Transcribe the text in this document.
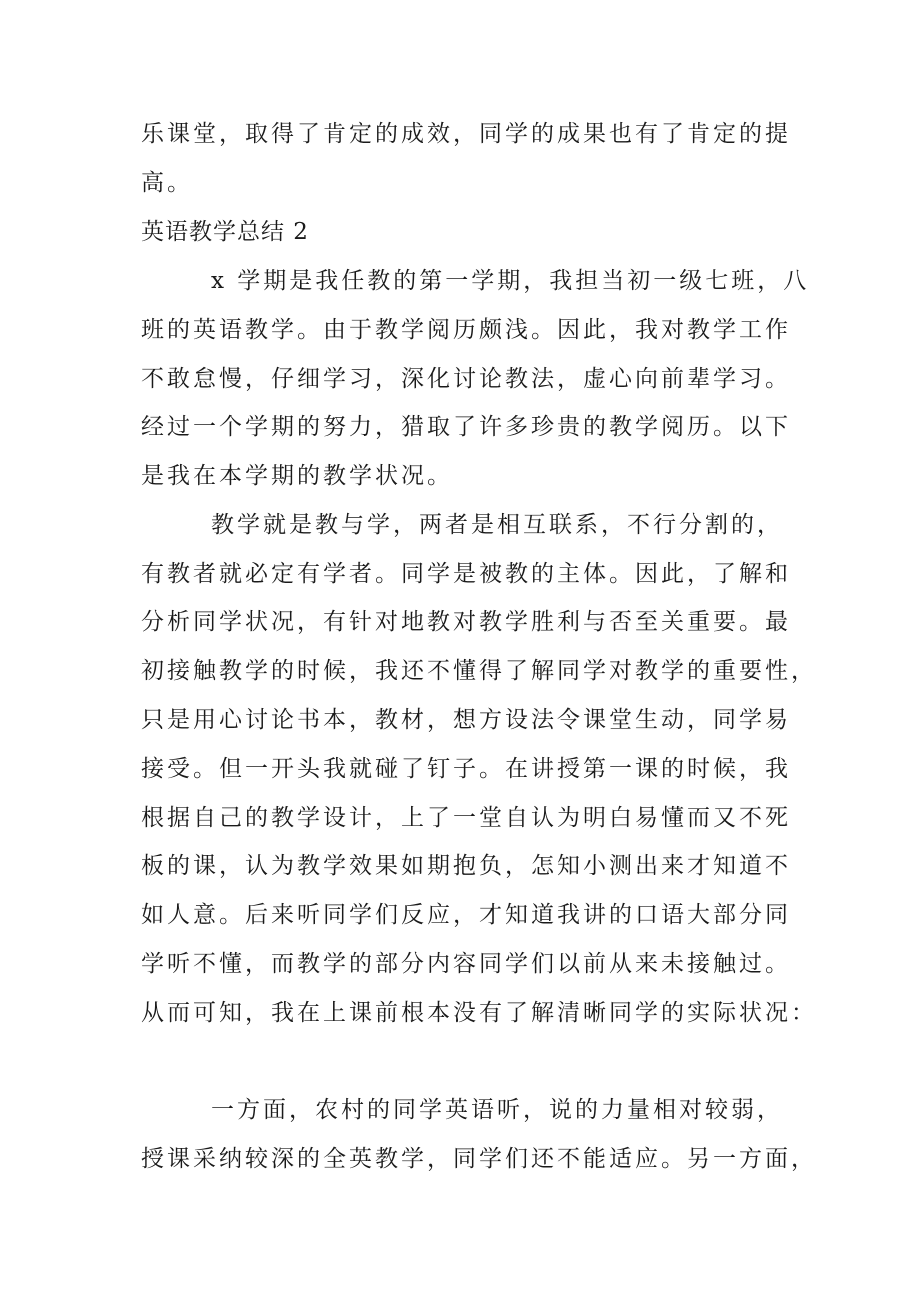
乐课堂，取得了肯定的成效，同学的成果也有了肯定的提
高。
英语教学总结 2
x 学期是我任教的第一学期，我担当初一级七班，八
班的英语教学。由于教学阅历颇浅。因此，我对教学工作
不敢怠慢，仔细学习，深化讨论教法，虚心向前辈学习。
经过一个学期的努力，猎取了许多珍贵的教学阅历。以下
是我在本学期的教学状况。
教学就是教与学，两者是相互联系，不行分割的，
有教者就必定有学者。同学是被教的主体。因此，了解和
分析同学状况，有针对地教对教学胜利与否至关重要。最
初接触教学的时候，我还不懂得了解同学对教学的重要性，
只是用心讨论书本，教材，想方设法令课堂生动，同学易
接受。但一开头我就碰了钉子。在讲授第一课的时候，我
根据自己的教学设计，上了一堂自认为明白易懂而又不死
板的课，认为教学效果如期抱负，怎知小测出来才知道不
如人意。后来听同学们反应，才知道我讲的口语大部分同
学听不懂，而教学的部分内容同学们以前从来未接触过。
从而可知，我在上课前根本没有了解清晰同学的实际状况：
一方面，农村的同学英语听，说的力量相对较弱，
授课采纳较深的全英教学，同学们还不能适应。另一方面，
